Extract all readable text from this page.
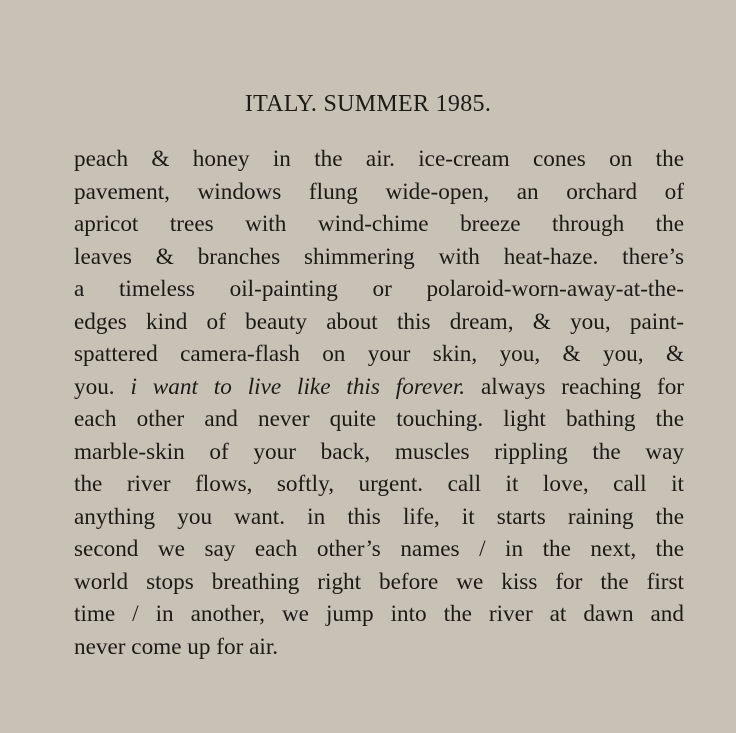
ITALY. SUMMER 1985.
peach & honey in the air. ice-cream cones on the
pavement, windows flung wide-open, an orchard of
apricot trees with wind-chime breeze through the
leaves & branches shimmering with heat-haze. there’s
a timeless oil-painting or polaroid-worn-away-at-the-
edges kind of beauty about this dream, & you, paint-
spattered camera-flash on your skin, you, & you, &
you. i want to live like this forever. always reaching for
each other and never quite touching. light bathing the
marble-skin of your back, muscles rippling the way
the river flows, softly, urgent. call it love, call it
anything you want. in this life, it starts raining the
second we say each other’s names / in the next, the
world stops breathing right before we kiss for the first
time / in another, we jump into the river at dawn and
never come up for air.
